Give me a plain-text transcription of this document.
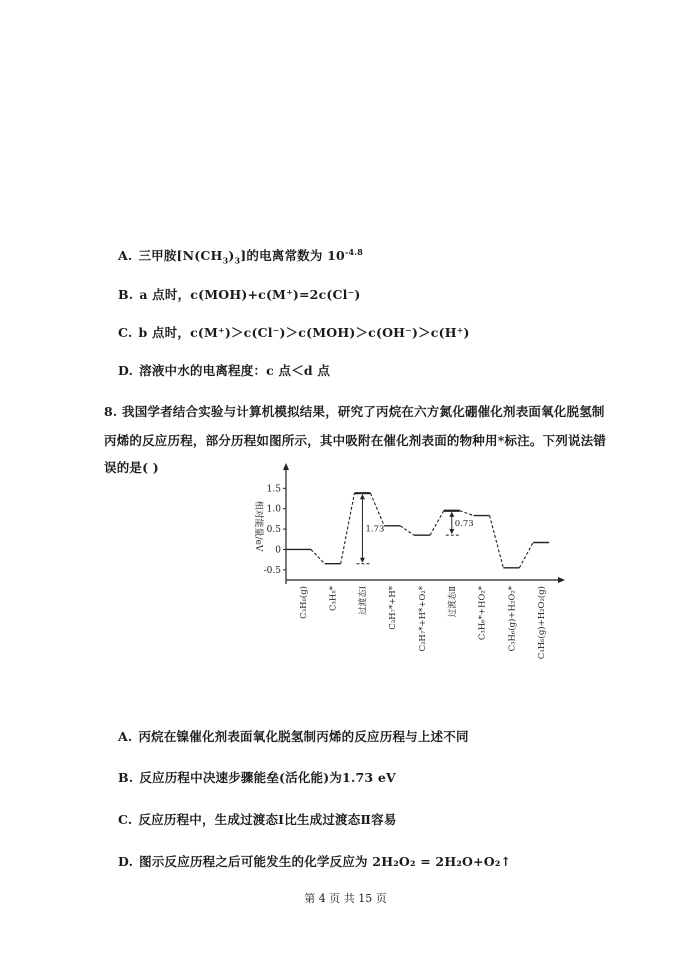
A. 三甲胺$[N(CH_3)_3]$的电离常数为 $10^{-4.8}$
B. a 点时，c(MOH)+c(M⁺)=2c(Cl⁻)
C. b 点时，c(M⁺)＞c(Cl⁻)＞c(MOH)＞c(OH⁻)＞c(H⁺)
D. 溶液中水的电离程度：c 点＜d 点
8. 我国学者结合实验与计算机模拟结果，研究了丙烷在六方氮化硼催化剂表面氧化脱氢制
丙烯的反应历程，部分历程如图所示，其中吸附在催化剂表面的物种用*标注。下列说法错
误的是( )
1.5
1.0
0.5
0
-0.5
相对能量/eV
C₃H₈(g) C₃H₈* 过渡态Ⅰ C₃H₇*+H* C₃H₇*+H*+O₂* 过渡态Ⅱ C₃H₆*+HO₂* C₃H₆(g)+H₂O₂* C₃H₆(g)+H₂O₂(g)
1.73
0.73
A. 丙烷在镍催化剂表面氧化脱氢制丙烯的反应历程与上述不同
B. 反应历程中决速步骤能垒(活化能)为1.73 eV
C. 反应历程中，生成过渡态Ⅰ比生成过渡态Ⅱ容易
D. 图示反应历程之后可能发生的化学反应为 2H₂O₂ = 2H₂O+O₂↑
第 4 页 共 15 页
